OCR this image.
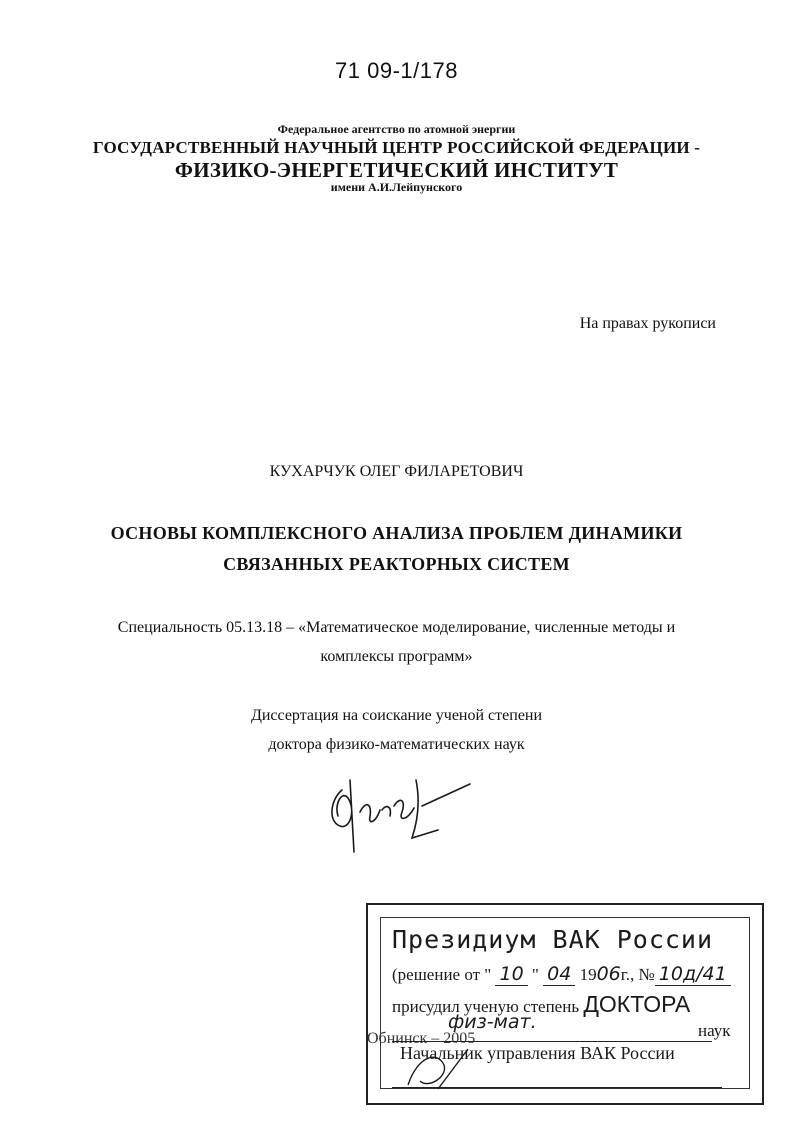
71 09-1/178
Федеральное агентство по атомной энергии
ГОСУДАРСТВЕННЫЙ НАУЧНЫЙ ЦЕНТР РОССИЙСКОЙ ФЕДЕРАЦИИ -
ФИЗИКО-ЭНЕРГЕТИЧЕСКИЙ ИНСТИТУТ
имени А.И.Лейпунского
На правах рукописи
КУХАРЧУК ОЛЕГ ФИЛАРЕТОВИЧ
ОСНОВЫ КОМПЛЕКСНОГО АНАЛИЗА ПРОБЛЕМ ДИНАМИКИ
СВЯЗАННЫХ РЕАКТОРНЫХ СИСТЕМ
Специальность 05.13.18 – «Математическое моделирование, численные методы и
комплексы программ»
Диссертация на соискание ученой степени
доктора физико-математических наук
Обнинск – 2005
Президиум ВАК России
(решение от " 10 " 04 1906г., № 10д/41
присудил ученую степень ДОКТОРА
физ-мат.	наук
Начальник управления ВАК России
